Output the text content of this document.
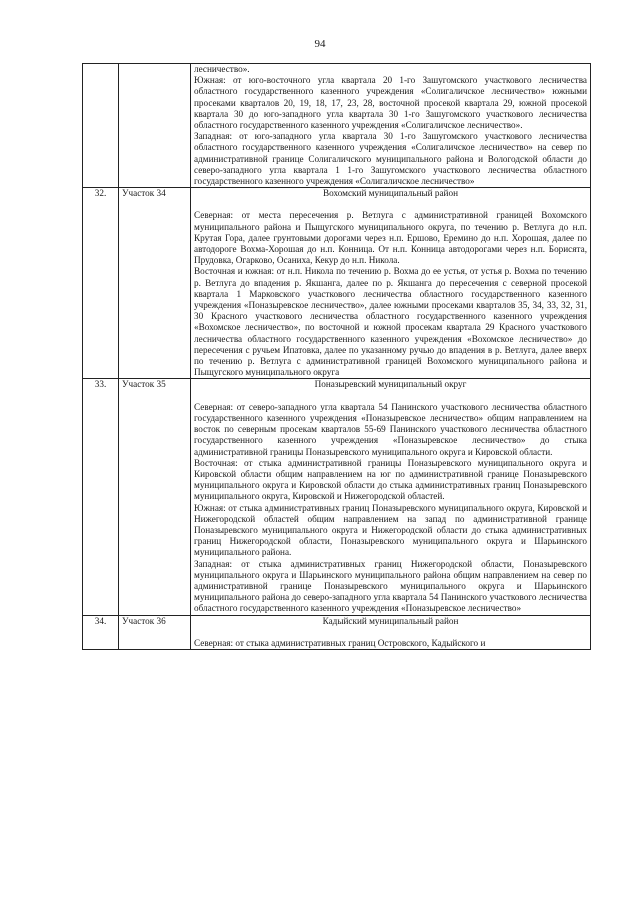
94

		лесничество».
Южная: от юго-восточного угла квартала 20 1-го Зашугомского участкового лесничества областного государственного казенного учреждения «Солигаличское лесничество» южными просеками кварталов 20, 19, 18, 17, 23, 28, восточной просекой квартала 29, южной просекой квартала 30 до юго-западного угла квартала 30 1-го Зашугомского участкового лесничества областного государственного казенного учреждения «Солигаличское лесничество».
Западная: от юго-западного угла квартала 30 1-го Зашугомского участкового лесничества областного государственного казенного учреждения «Солигаличское лесничество» на север по административной границе Солигаличского муниципального района и Вологодской области до северо-западного угла квартала 1 1-го Зашугомского участкового лесничества областного государственного казенного учреждения «Солигаличское лесничество»

32.	Участок 34	Вохомский муниципальный район
Северная: от места пересечения р. Ветлуга с административной границей Вохомского муниципального района и Пыщугского муниципального округа, по течению р. Ветлуга до н.п. Крутая Гора, далее грунтовыми дорогами через н.п. Ершово, Еремино до н.п. Хорошая, далее по автодороге Вохма-Хорошая до н.п. Конница. От н.п. Конница автодорогами через н.п. Борисята, Прудовка, Огарково, Осаниха, Кекур до н.п. Никола.
Восточная и южная: от н.п. Никола по течению р. Вохма до ее устья, от устья р. Вохма по течению р. Ветлуга до впадения р. Якшанга, далее по р. Якшанга до пересечения с северной просекой квартала 1 Марковского участкового лесничества областного государственного казенного учреждения «Поназыревское лесничество», далее южными просеками кварталов 35, 34, 33, 32, 31, 30 Красного участкового лесничества областного государственного казенного учреждения «Вохомское лесничество», по восточной и южной просекам квартала 29 Красного участкового лесничества областного государственного казенного учреждения «Вохомское лесничество» до пересечения с ручьем Ипатовка, далее по указанному ручью до впадения в р. Ветлуга, далее вверх по течению р. Ветлуга с административной границей Вохомского муниципального района и Пыщугского муниципального округа

33.	Участок 35	Поназыревский муниципальный округ
Северная: от северо-западного угла квартала 54 Панинского участкового лесничества областного государственного казенного учреждения «Поназыревское лесничество» общим направлением на восток по северным просекам кварталов 55-69 Панинского участкового лесничества областного государственного казенного учреждения «Поназыревское лесничество» до стыка административной границы Поназыревского муниципального округа и Кировской области.
Восточная: от стыка административной границы Поназыревского муниципального округа и Кировской области общим направлением на юг по административной границе Поназыревского муниципального округа и Кировской области до стыка административных границ Поназыревского муниципального округа, Кировской и Нижегородской областей.
Южная: от стыка административных границ Поназыревского муниципального округа, Кировской и Нижегородской областей общим направлением на запад по административной границе Поназыревского муниципального округа и Нижегородской области до стыка административных границ Нижегородской области, Поназыревского муниципального округа и Шарьинского муниципального района.
Западная: от стыка административных границ Нижегородской области, Поназыревского муниципального округа и Шарьинского муниципального района общим направлением на север по административной границе Поназыревского муниципального округа и Шарьинского муниципального района до северо-западного угла квартала 54 Панинского участкового лесничества областного государственного казенного учреждения «Поназыревское лесничество»

34.	Участок 36	Кадыйский муниципальный район
Северная: от стыка административных границ Островского, Кадыйского и
